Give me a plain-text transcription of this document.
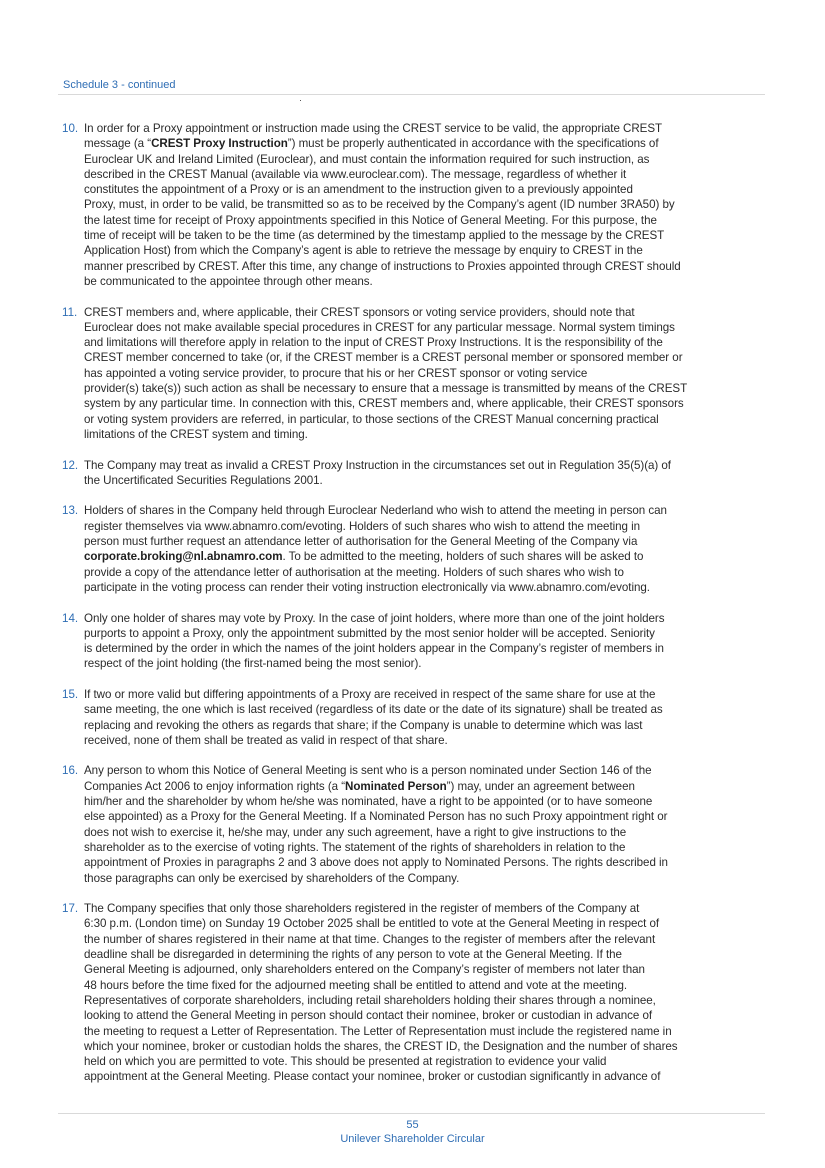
Schedule 3 - continued
10. In order for a Proxy appointment or instruction made using the CREST service to be valid, the appropriate CREST
message (a “CREST Proxy Instruction”) must be properly authenticated in accordance with the specifications of
Euroclear UK and Ireland Limited (Euroclear), and must contain the information required for such instruction, as
described in the CREST Manual (available via www.euroclear.com). The message, regardless of whether it
constitutes the appointment of a Proxy or is an amendment to the instruction given to a previously appointed
Proxy, must, in order to be valid, be transmitted so as to be received by the Company’s agent (ID number 3RA50) by
the latest time for receipt of Proxy appointments specified in this Notice of General Meeting. For this purpose, the
time of receipt will be taken to be the time (as determined by the timestamp applied to the message by the CREST
Application Host) from which the Company’s agent is able to retrieve the message by enquiry to CREST in the
manner prescribed by CREST. After this time, any change of instructions to Proxies appointed through CREST should
be communicated to the appointee through other means.
11. CREST members and, where applicable, their CREST sponsors or voting service providers, should note that
Euroclear does not make available special procedures in CREST for any particular message. Normal system timings
and limitations will therefore apply in relation to the input of CREST Proxy Instructions. It is the responsibility of the
CREST member concerned to take (or, if the CREST member is a CREST personal member or sponsored member or
has appointed a voting service provider, to procure that his or her CREST sponsor or voting service
provider(s) take(s)) such action as shall be necessary to ensure that a message is transmitted by means of the CREST
system by any particular time. In connection with this, CREST members and, where applicable, their CREST sponsors
or voting system providers are referred, in particular, to those sections of the CREST Manual concerning practical
limitations of the CREST system and timing.
12. The Company may treat as invalid a CREST Proxy Instruction in the circumstances set out in Regulation 35(5)(a) of
the Uncertificated Securities Regulations 2001.
13. Holders of shares in the Company held through Euroclear Nederland who wish to attend the meeting in person can
register themselves via www.abnamro.com/evoting. Holders of such shares who wish to attend the meeting in
person must further request an attendance letter of authorisation for the General Meeting of the Company via
corporate.broking@nl.abnamro.com. To be admitted to the meeting, holders of such shares will be asked to
provide a copy of the attendance letter of authorisation at the meeting. Holders of such shares who wish to
participate in the voting process can render their voting instruction electronically via www.abnamro.com/evoting.
14. Only one holder of shares may vote by Proxy. In the case of joint holders, where more than one of the joint holders
purports to appoint a Proxy, only the appointment submitted by the most senior holder will be accepted. Seniority
is determined by the order in which the names of the joint holders appear in the Company’s register of members in
respect of the joint holding (the first-named being the most senior).
15. If two or more valid but differing appointments of a Proxy are received in respect of the same share for use at the
same meeting, the one which is last received (regardless of its date or the date of its signature) shall be treated as
replacing and revoking the others as regards that share; if the Company is unable to determine which was last
received, none of them shall be treated as valid in respect of that share.
16. Any person to whom this Notice of General Meeting is sent who is a person nominated under Section 146 of the
Companies Act 2006 to enjoy information rights (a “Nominated Person”) may, under an agreement between
him/her and the shareholder by whom he/she was nominated, have a right to be appointed (or to have someone
else appointed) as a Proxy for the General Meeting. If a Nominated Person has no such Proxy appointment right or
does not wish to exercise it, he/she may, under any such agreement, have a right to give instructions to the
shareholder as to the exercise of voting rights. The statement of the rights of shareholders in relation to the
appointment of Proxies in paragraphs 2 and 3 above does not apply to Nominated Persons. The rights described in
those paragraphs can only be exercised by shareholders of the Company.
17. The Company specifies that only those shareholders registered in the register of members of the Company at
6:30 p.m. (London time) on Sunday 19 October 2025 shall be entitled to vote at the General Meeting in respect of
the number of shares registered in their name at that time. Changes to the register of members after the relevant
deadline shall be disregarded in determining the rights of any person to vote at the General Meeting. If the
General Meeting is adjourned, only shareholders entered on the Company’s register of members not later than
48 hours before the time fixed for the adjourned meeting shall be entitled to attend and vote at the meeting.
Representatives of corporate shareholders, including retail shareholders holding their shares through a nominee,
looking to attend the General Meeting in person should contact their nominee, broker or custodian in advance of
the meeting to request a Letter of Representation. The Letter of Representation must include the registered name in
which your nominee, broker or custodian holds the shares, the CREST ID, the Designation and the number of shares
held on which you are permitted to vote. This should be presented at registration to evidence your valid
appointment at the General Meeting. Please contact your nominee, broker or custodian significantly in advance of
55
Unilever Shareholder Circular
